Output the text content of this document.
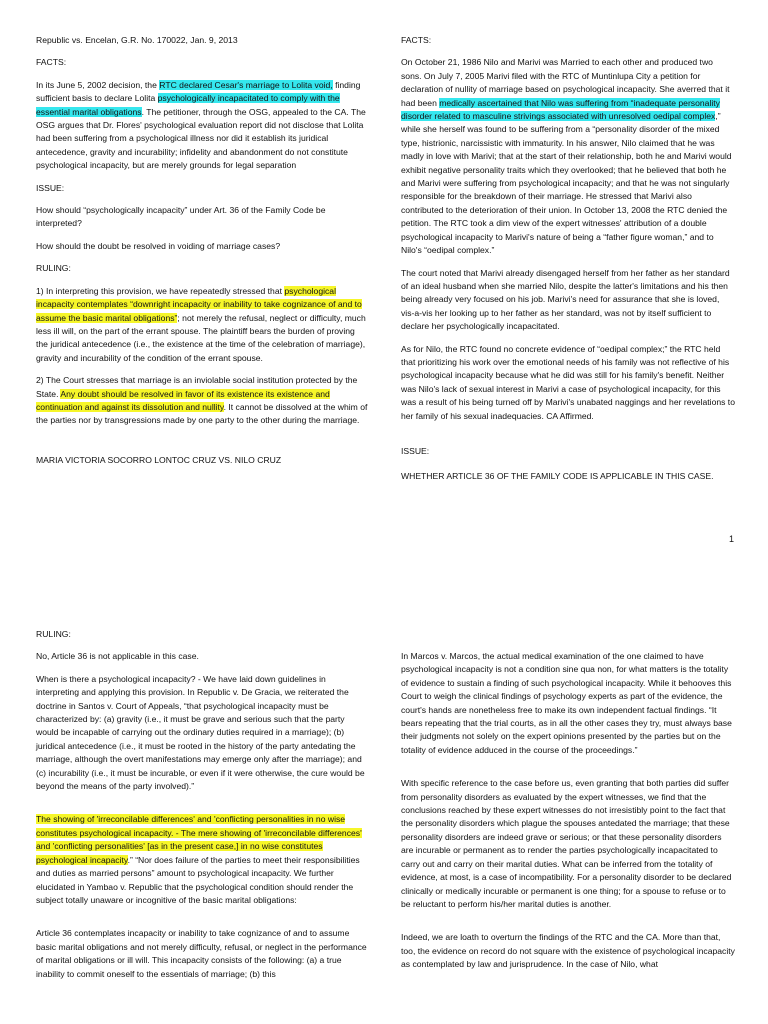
Republic vs. Encelan, G.R. No. 170022, Jan. 9, 2013

FACTS:

In its June 5, 2002 decision, the RTC declared Cesar's marriage to Lolita void, finding sufficient basis to declare Lolita psychologically incapacitated to comply with the essential marital obligations. The petitioner, through the OSG, appealed to the CA. The OSG argues that Dr. Flores' psychological evaluation report did not disclose that Lolita had been suffering from a psychological illness nor did it establish its juridical antecedence, gravity and incurability; infidelity and abandonment do not constitute psychological incapacity, but are merely grounds for legal separation

ISSUE:

How should “psychologically incapacity” under Art. 36 of the Family Code be interpreted?

How should the doubt be resolved in voiding of marriage cases?

RULING:

1) In interpreting this provision, we have repeatedly stressed that psychological incapacity contemplates “downright incapacity or inability to take cognizance of and to assume the basic marital obligations”; not merely the refusal, neglect or difficulty, much less ill will, on the part of the errant spouse. The plaintiff bears the burden of proving the juridical antecedence (i.e., the existence at the time of the celebration of marriage), gravity and incurability of the condition of the errant spouse.

2) The Court stresses that marriage is an inviolable social institution protected by the State. Any doubt should be resolved in favor of its existence its existence and continuation and against its dissolution and nullity. It cannot be dissolved at the whim of the parties nor by transgressions made by one party to the other during the marriage.

MARIA VICTORIA SOCORRO LONTOC CRUZ VS. NILO CRUZ

FACTS:

On October 21, 1986 Nilo and Marivi was Married to each other and produced two sons. On July 7, 2005 Marivi filed with the RTC of Muntinlupa City a petition for declaration of nullity of marriage based on psychological incapacity. She averred that it had been medically ascertained that Nilo was suffering from “inadequate personality disorder related to masculine strivings associated with unresolved oedipal complex,” while she herself was found to be suffering from a “personality disorder of the mixed type, histrionic, narcissistic with immaturity. In his answer, Nilo claimed that he was madly in love with Marivi; that at the start of their relationship, both he and Marivi would exhibit negative personality traits which they overlooked; that he believed that both he and Marivi were suffering from psychological incapacity; and that he was not singularly responsible for the breakdown of their marriage. He stressed that Marivi also contributed to the deterioration of their union. In October 13, 2008 the RTC denied the petition. The RTC took a dim view of the expert witnesses' attribution of a double psychological incapacity to Marivi's nature of being a “father figure woman,” and to Nilo's “oedipal complex.”

The court noted that Marivi already disengaged herself from her father as her standard of an ideal husband when she married Nilo, despite the latter's limitations and his then being already very focused on his job. Marivi's need for assurance that she is loved, vis-a-vis her looking up to her father as her standard, was not by itself sufficient to declare her psychologically incapacitated.

As for Nilo, the RTC found no concrete evidence of “oedipal complex;” the RTC held that prioritizing his work over the emotional needs of his family was not reflective of his psychological incapacity because what he did was still for his family's benefit. Neither was Nilo's lack of sexual interest in Marivi a case of psychological incapacity, for this was a result of his being turned off by Marivi's unabated naggings and her revelations to her family of his sexual inadequacies. CA Affirmed.

ISSUE:

WHETHER ARTICLE 36 OF THE FAMILY CODE IS APPLICABLE IN THIS CASE.

1

RULING:

No, Article 36 is not applicable in this case.

When is there a psychological incapacity? - We have laid down guidelines in interpreting and applying this provision. In Republic v. De Gracia, we reiterated the doctrine in Santos v. Court of Appeals, “that psychological incapacity must be characterized by: (a) gravity (i.e., it must be grave and serious such that the party would be incapable of carrying out the ordinary duties required in a marriage); (b) juridical antecedence (i.e., it must be rooted in the history of the party antedating the marriage, although the overt manifestations may emerge only after the marriage); and (c) incurability (i.e., it must be incurable, or even if it were otherwise, the cure would be beyond the means of the party involved).”

The showing of 'irreconcilable differences' and 'conflicting personalities in no wise constitutes psychological incapacity. - The mere showing of 'irreconcilable differences' and 'conflicting personalities' [as in the present case,] in no wise constitutes psychological incapacity.” “Nor does failure of the parties to meet their responsibilities and duties as married persons” amount to psychological incapacity. We further elucidated in Yambao v. Republic that the psychological condition should render the subject totally unaware or incognitive of the basic marital obligations:

Article 36 contemplates incapacity or inability to take cognizance of and to assume basic marital obligations and not merely difficulty, refusal, or neglect in the performance of marital obligations or ill will. This incapacity consists of the following: (a) a true inability to commit oneself to the essentials of marriage; (b) this

In Marcos v. Marcos, the actual medical examination of the one claimed to have psychological incapacity is not a condition sine qua non, for what matters is the totality of evidence to sustain a finding of such psychological incapacity. While it behooves this Court to weigh the clinical findings of psychology experts as part of the evidence, the court's hands are nonetheless free to make its own independent factual findings. “It bears repeating that the trial courts, as in all the other cases they try, must always base their judgments not solely on the expert opinions presented by the parties but on the totality of evidence adduced in the course of the proceedings.”

With specific reference to the case before us, even granting that both parties did suffer from personality disorders as evaluated by the expert witnesses, we find that the conclusions reached by these expert witnesses do not irresistibly point to the fact that the personality disorders which plague the spouses antedated the marriage; that these personality disorders are indeed grave or serious; or that these personality disorders are incurable or permanent as to render the parties psychologically incapacitated to carry out and carry on their marital duties. What can be inferred from the totality of evidence, at most, is a case of incompatibility. For a personality disorder to be declared clinically or medically incurable or permanent is one thing; for a spouse to refuse or to be reluctant to perform his/her marital duties is another.

Indeed, we are loath to overturn the findings of the RTC and the CA. More than that, too, the evidence on record do not square with the existence of psychological incapacity as contemplated by law and jurisprudence. In the case of Nilo, what
